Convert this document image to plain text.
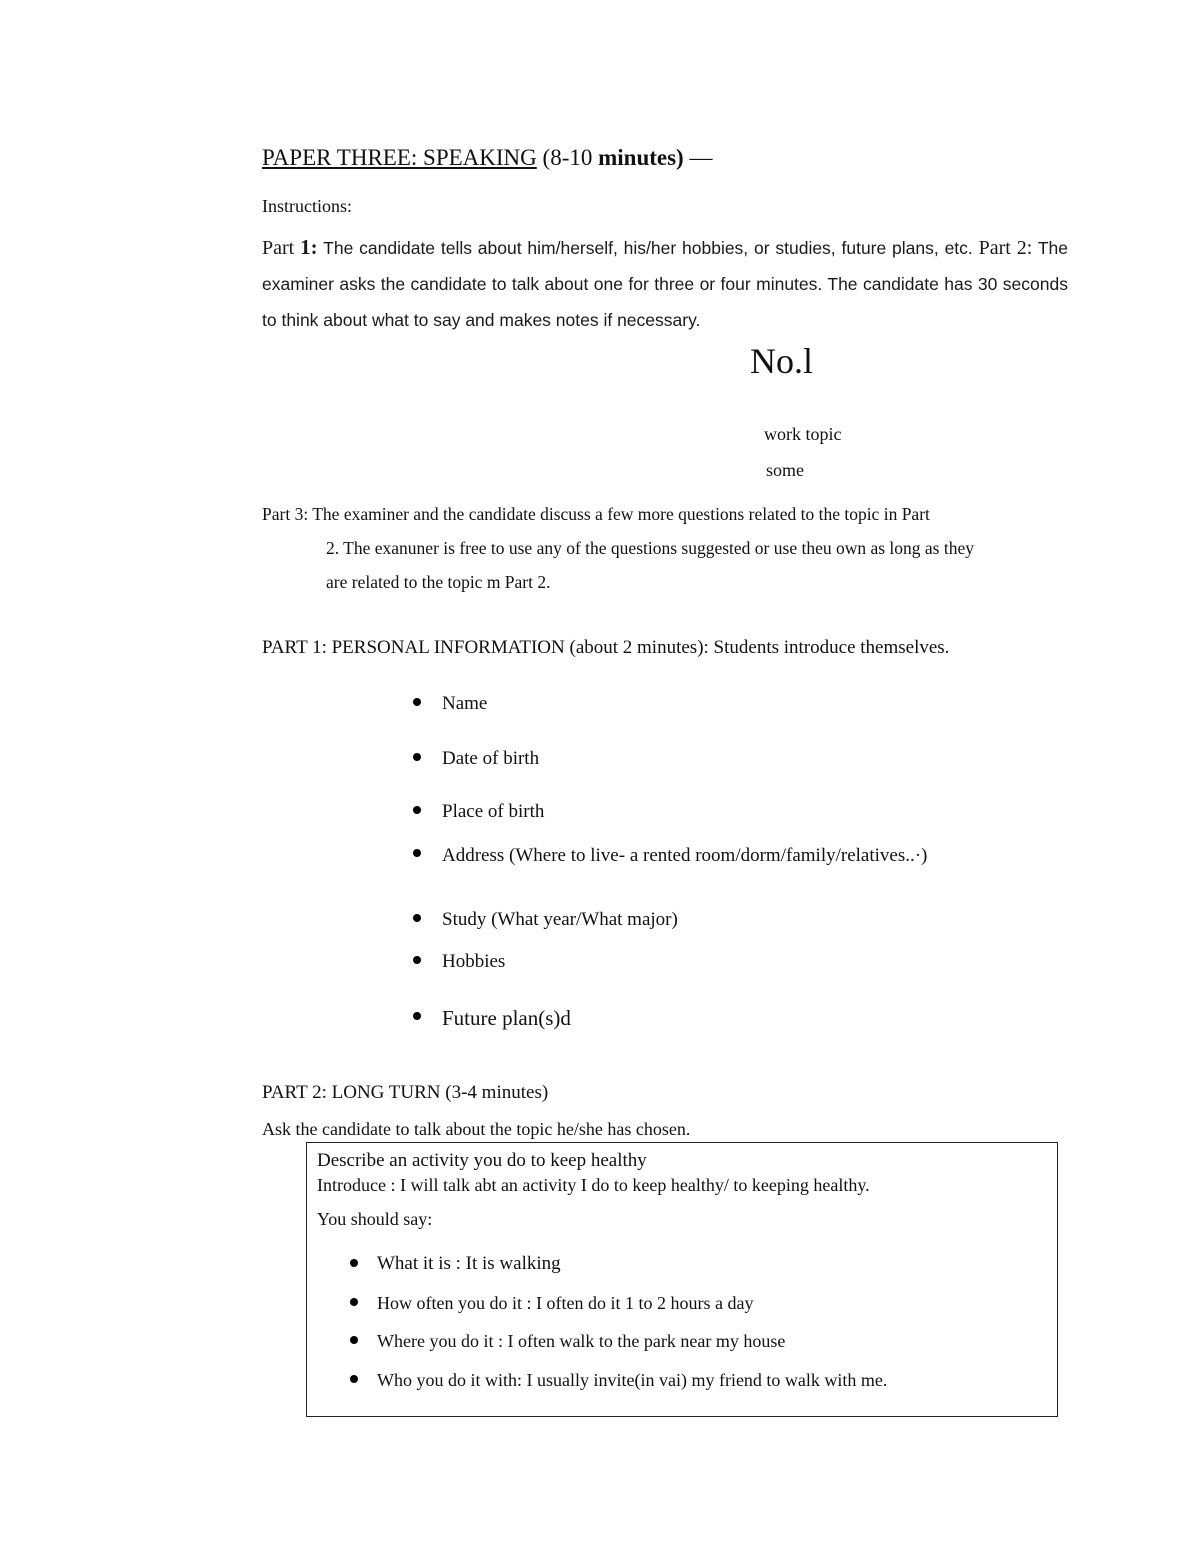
PAPER THREE: SPEAKING (8-10 minutes) —
Instructions:
Part 1: The candidate tells about him/herself, his/her hobbies, or studies, future plans, etc. Part 2: The examiner asks the candidate to talk about one for three or four minutes. The candidate has 30 seconds to think about what to say and makes notes if necessary.
No.l
work topic
some
Part 3: The examiner and the candidate discuss a few more questions related to the topic in Part
2. The exanuner is free to use any of the questions suggested or use theu own as long as they
are related to the topic m Part 2.
PART 1: PERSONAL INFORMATION (about 2 minutes): Students introduce themselves.
Name
Date of birth
Place of birth
Address (Where to live- a rented room/dorm/family/relatives..·)
Study (What year/What major)
Hobbies
Future plan(s)d
PART 2: LONG TURN (3-4 minutes)
Ask the candidate to talk about the topic he/she has chosen.
Describe an activity you do to keep healthy
Introduce : I will talk abt an activity I do to keep healthy/ to keeping healthy.
You should say:
What it is : It is walking
How often you do it : I often do it 1 to 2 hours a day
Where you do it : I often walk to the park near my house
Who you do it with: I usually invite(in vai) my friend to walk with me.
